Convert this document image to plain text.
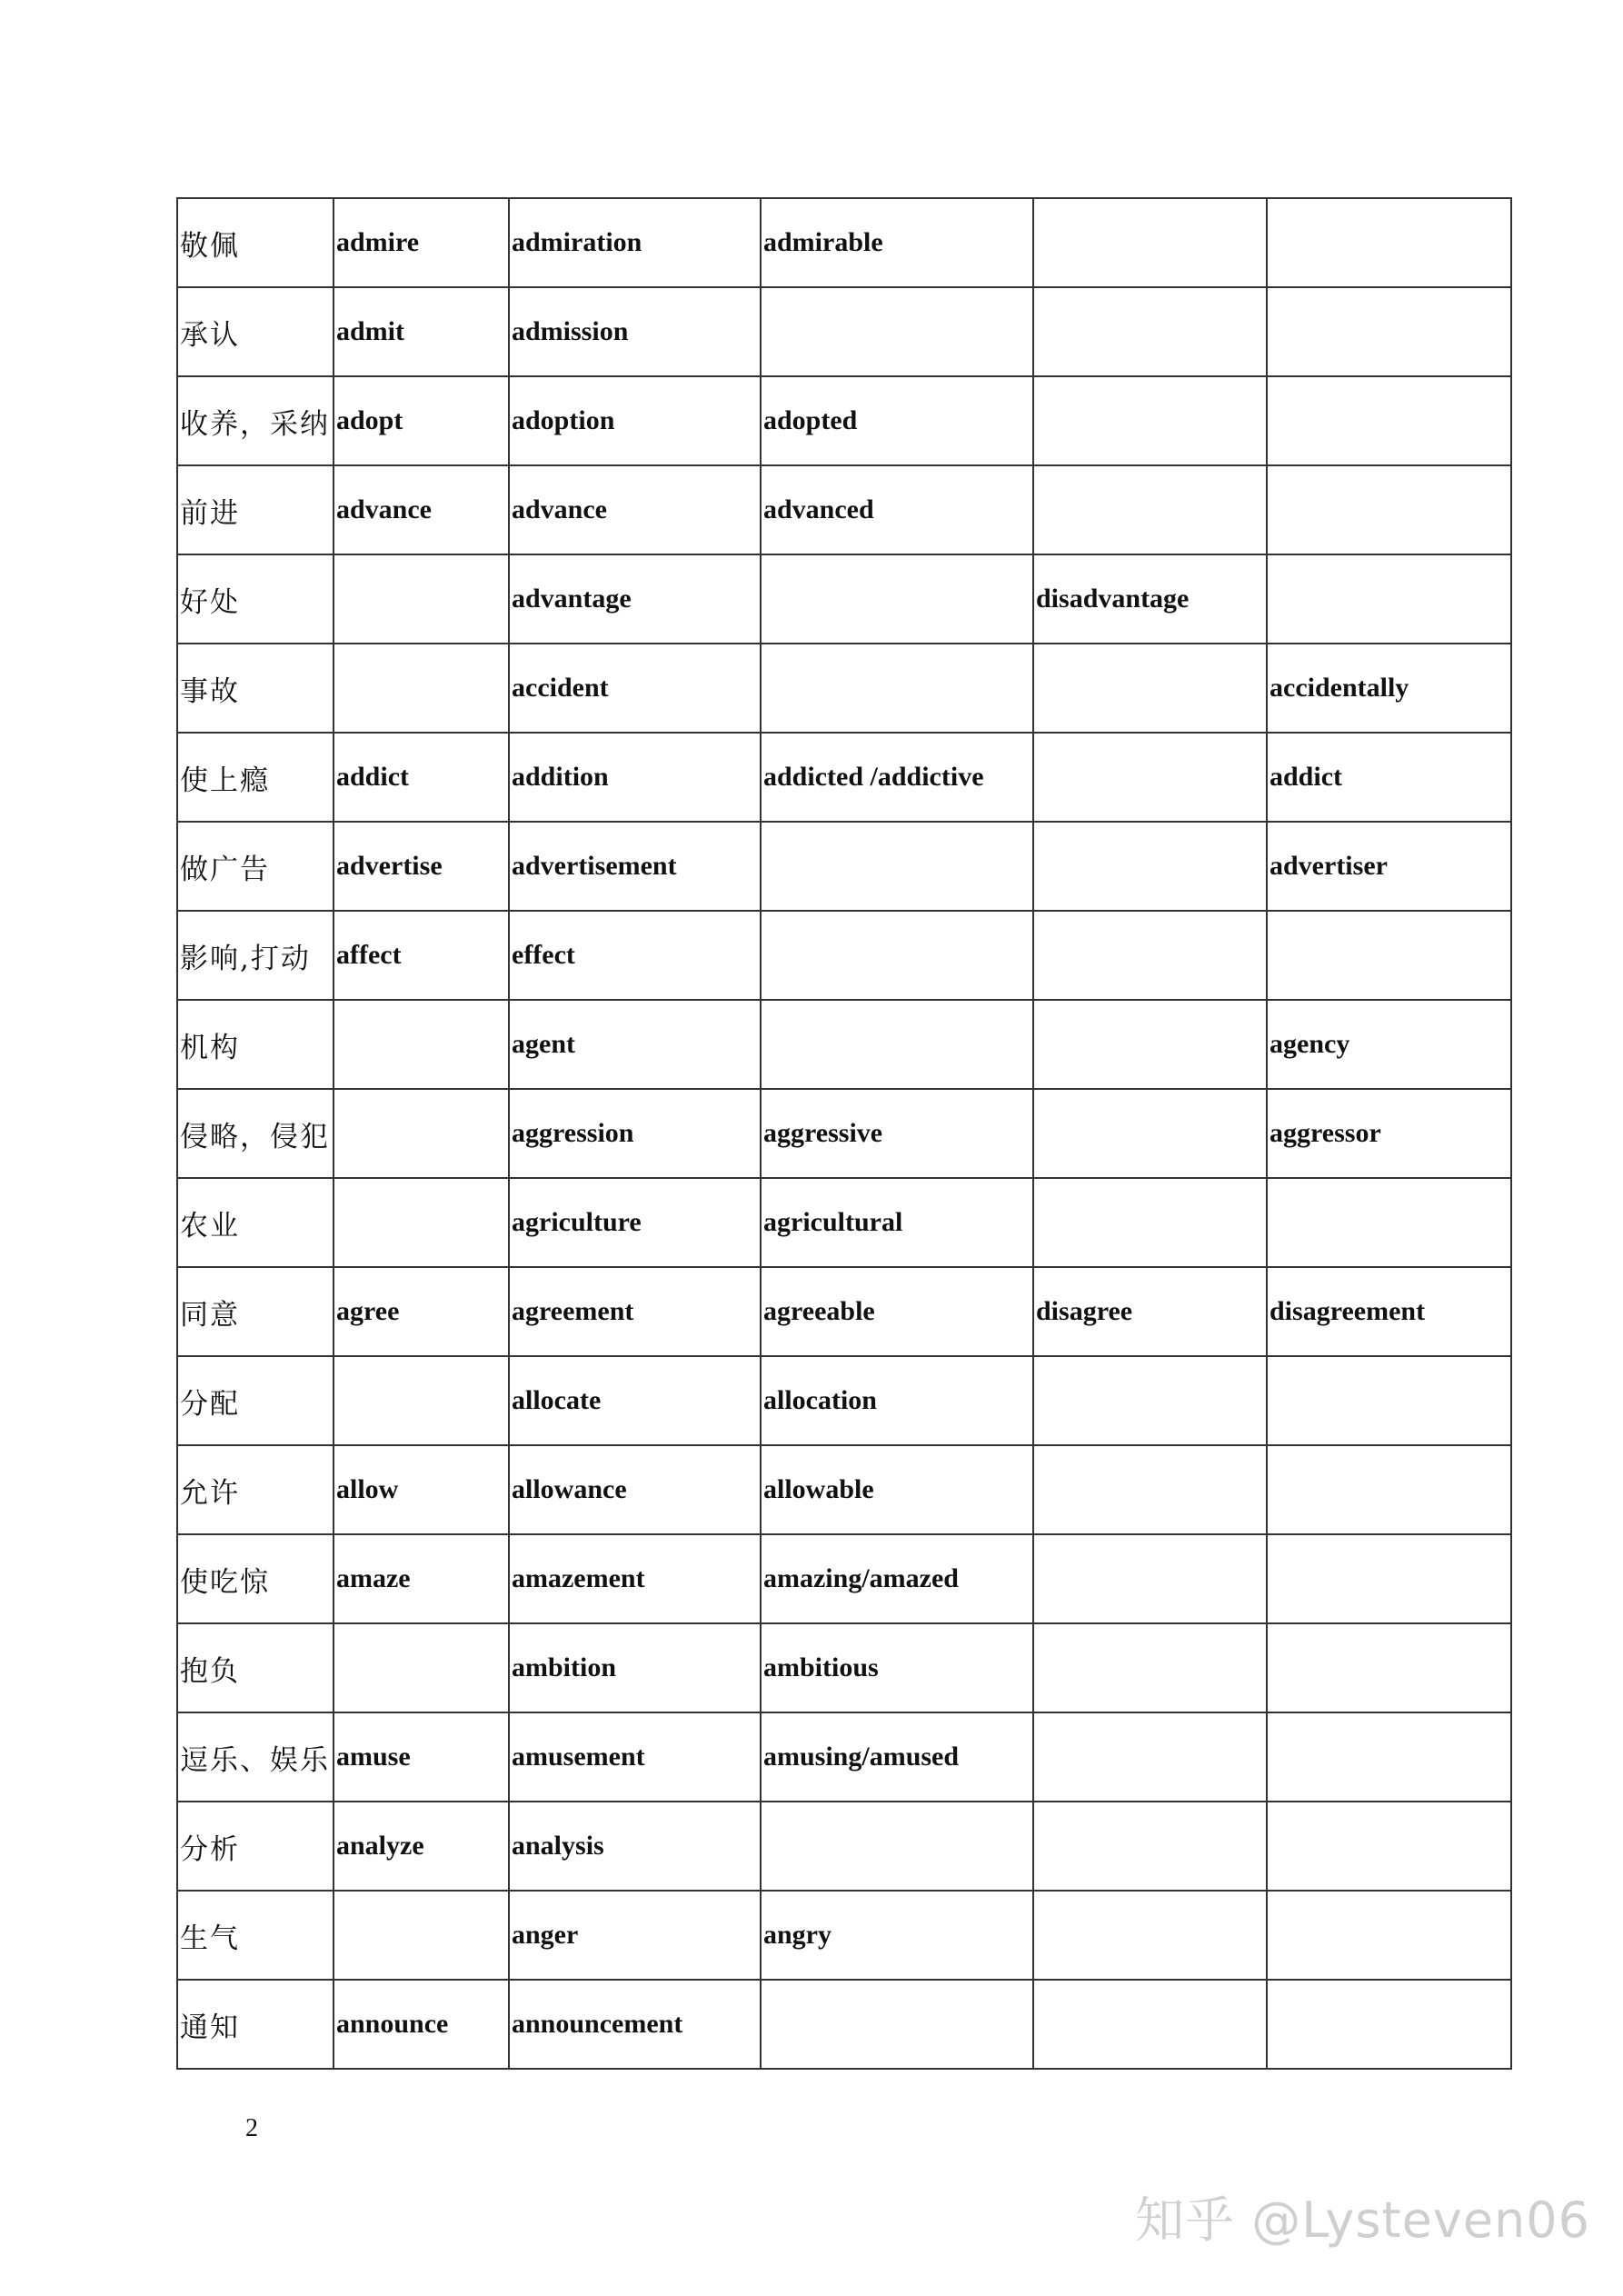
敬佩	admire	admiration	admirable		
承认	admit	admission			
收养，采纳	adopt	adoption	adopted		
前进	advance	advance	advanced		
好处		advantage		disadvantage	
事故		accident			accidentally
使上瘾	addict	addition	addicted /addictive		addict
做广告	advertise	advertisement			advertiser
影响,打动	affect	effect			
机构		agent			agency
侵略，侵犯		aggression	aggressive		aggressor
农业		agriculture	agricultural		
同意	agree	agreement	agreeable	disagree	disagreement
分配		allocate	allocation		
允许	allow	allowance	allowable		
使吃惊	amaze	amazement	amazing/amazed		
抱负		ambition	ambitious		
逗乐、娱乐	amuse	amusement	amusing/amused		
分析	analyze	analysis			
生气		anger	angry		
通知	announce	announcement			
2
知乎 @Lysteven06
